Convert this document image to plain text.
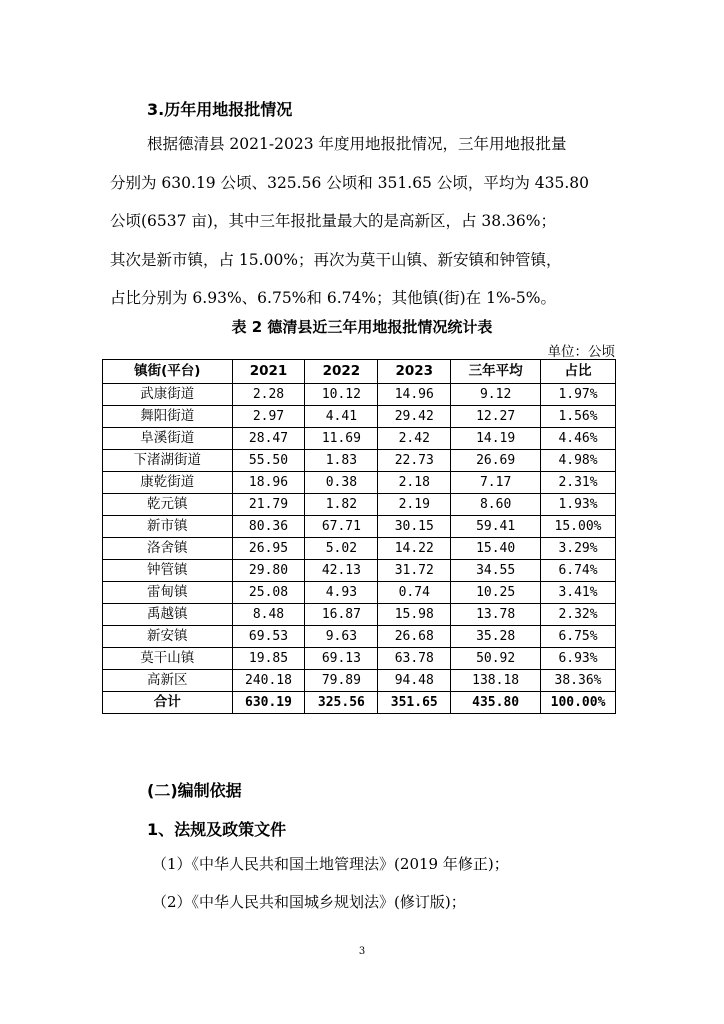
3.历年用地报批情况
根据德清县 2021-2023 年度用地报批情况，三年用地报批量
分别为 630.19 公顷、325.56 公顷和 351.65 公顷，平均为 435.80
公顷(6537 亩)，其中三年报批量最大的是高新区，占 38.36%；
其次是新市镇，占 15.00%；再次为莫干山镇、新安镇和钟管镇，
占比分别为 6.93%、6.75%和 6.74%；其他镇(街)在 1%-5%。
表 2 德清县近三年用地报批情况统计表
单位：公顷
镇街(平台)	2021	2022	2023	三年平均	占比
武康街道	2.28	10.12	14.96	9.12	1.97%
舞阳街道	2.97	4.41	29.42	12.27	1.56%
阜溪街道	28.47	11.69	2.42	14.19	4.46%
下渚湖街道	55.50	1.83	22.73	26.69	4.98%
康乾街道	18.96	0.38	2.18	7.17	2.31%
乾元镇	21.79	1.82	2.19	8.60	1.93%
新市镇	80.36	67.71	30.15	59.41	15.00%
洛舍镇	26.95	5.02	14.22	15.40	3.29%
钟管镇	29.80	42.13	31.72	34.55	6.74%
雷甸镇	25.08	4.93	0.74	10.25	3.41%
禹越镇	8.48	16.87	15.98	13.78	2.32%
新安镇	69.53	9.63	26.68	35.28	6.75%
莫干山镇	19.85	69.13	63.78	50.92	6.93%
高新区	240.18	79.89	94.48	138.18	38.36%
合计	630.19	325.56	351.65	435.80	100.00%
(二)编制依据
1、法规及政策文件
（1）《中华人民共和国土地管理法》(2019 年修正)；
（2）《中华人民共和国城乡规划法》(修订版)；
3
